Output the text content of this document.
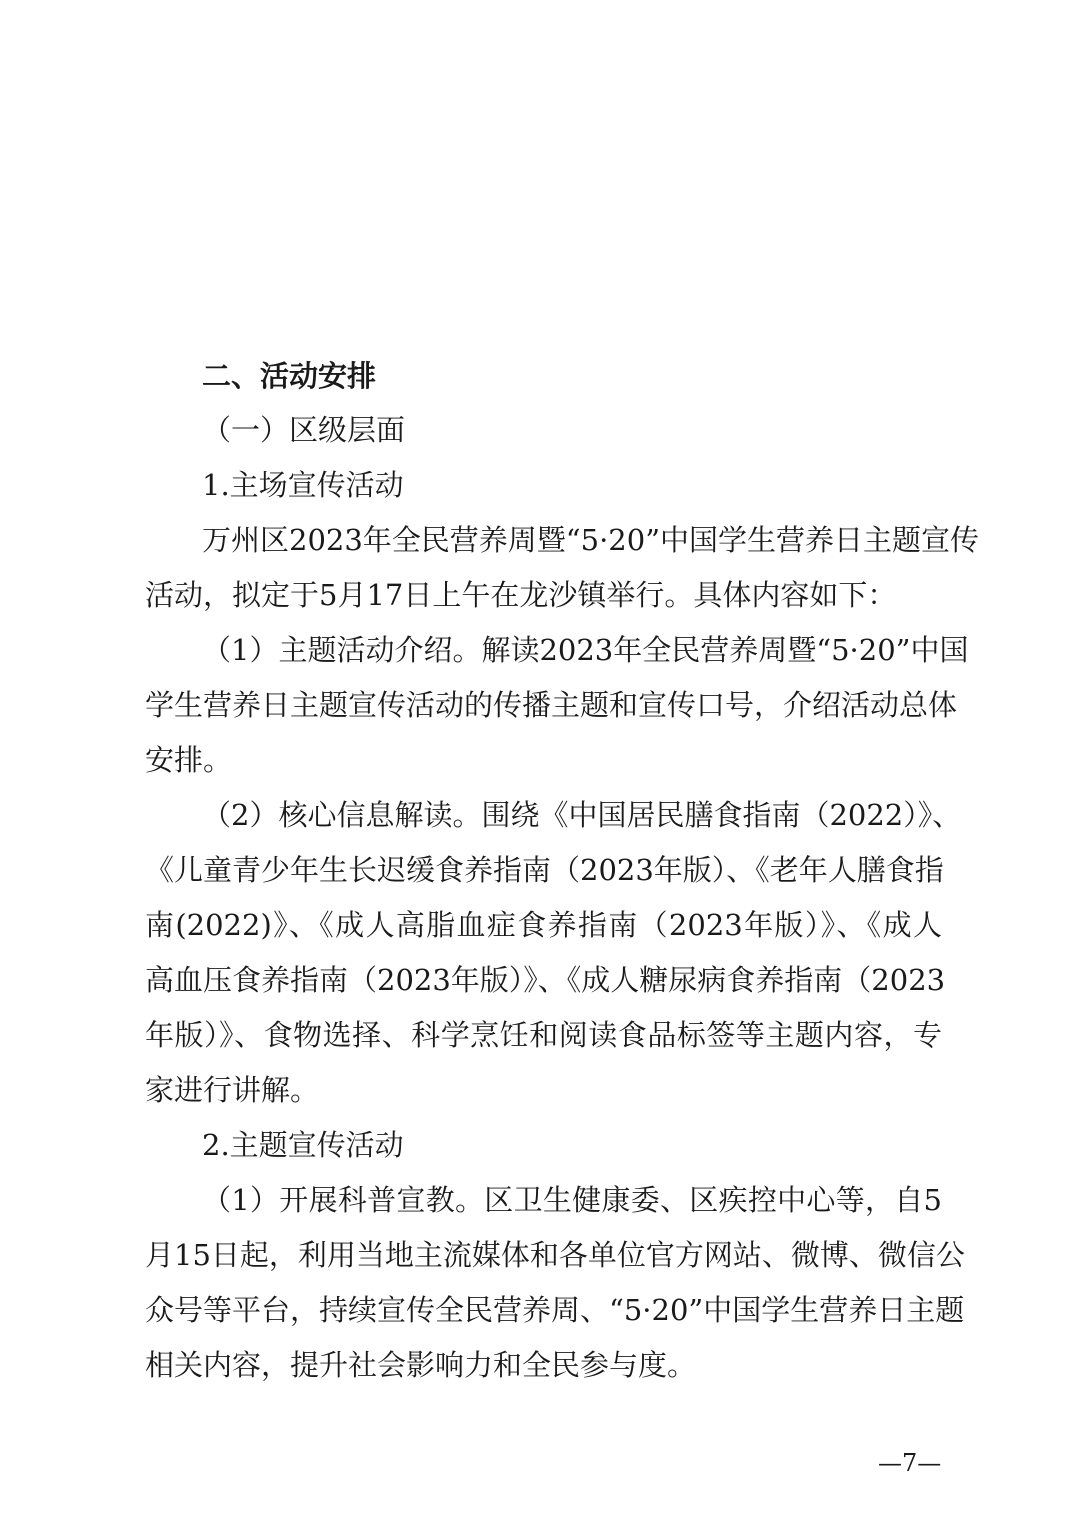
二、活动安排
（一）区级层面
1.主场宣传活动
万州区2023年全民营养周暨“5·20”中国学生营养日主题宣传
活动，拟定于5月17日上午在龙沙镇举行。具体内容如下：
（1）主题活动介绍。解读2023年全民营养周暨“5·20”中国
学生营养日主题宣传活动的传播主题和宣传口号，介绍活动总体
安排。
（2）核心信息解读。围绕《中国居民膳食指南（2022）》、
《儿童青少年生长迟缓食养指南（2023年版）、《老年人膳食指
南(2022)》、《成人高脂血症食养指南（2023年版）》、《成人
高血压食养指南（2023年版）》、《成人糖尿病食养指南（2023
年版）》、食物选择、科学烹饪和阅读食品标签等主题内容，专
家进行讲解。
2.主题宣传活动
（1）开展科普宣教。区卫生健康委、区疾控中心等，自5
月15日起，利用当地主流媒体和各单位官方网站、微博、微信公
众号等平台，持续宣传全民营养周、“5·20”中国学生营养日主题
相关内容，提升社会影响力和全民参与度。
—7—
